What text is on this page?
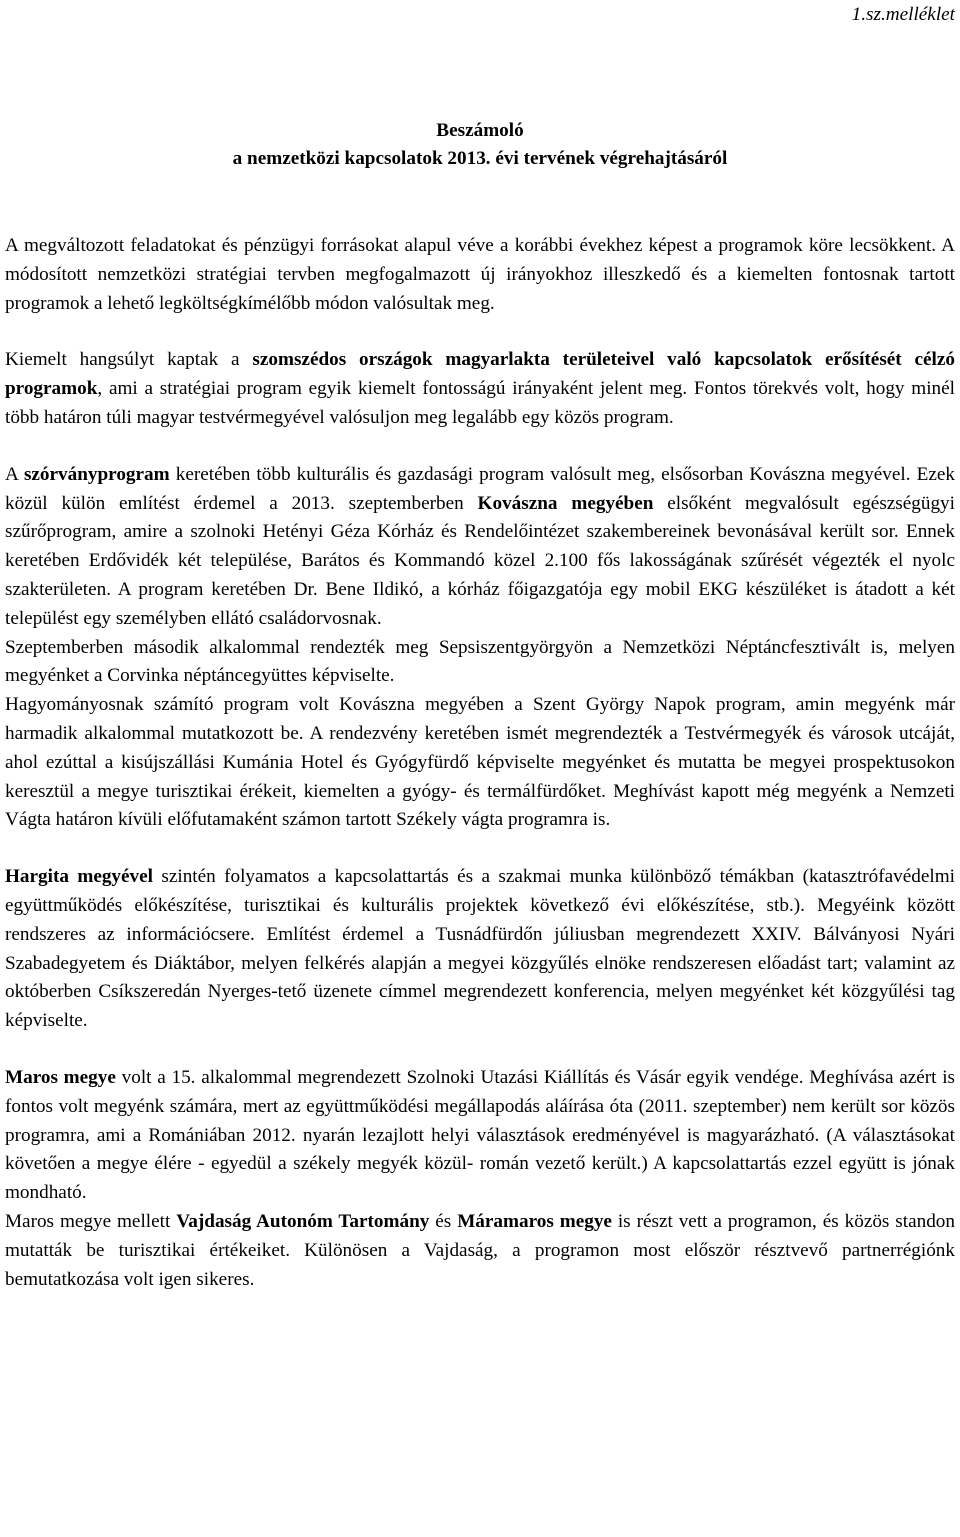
1.sz.melléklet
Beszámoló
a nemzetközi kapcsolatok 2013. évi tervének végrehajtásáról

A megváltozott feladatokat és pénzügyi forrásokat alapul véve a korábbi évekhez képest a programok köre lecsökkent. A módosított nemzetközi stratégiai tervben megfogalmazott új irányokhoz illeszkedő és a kiemelten fontosnak tartott programok a lehető legköltségkímélőbb módon valósultak meg.

Kiemelt hangsúlyt kaptak a szomszédos országok magyarlakta területeivel való kapcsolatok erősítését célzó programok, ami a stratégiai program egyik kiemelt fontosságú irányaként jelent meg. Fontos törekvés volt, hogy minél több határon túli magyar testvérmegyével valósuljon meg legalább egy közös program.

A szórványprogram keretében több kulturális és gazdasági program valósult meg, elsősorban Kovászna megyével. Ezek közül külön említést érdemel a 2013. szeptemberben Kovászna megyében elsőként megvalósult egészségügyi szűrőprogram, amire a szolnoki Hetényi Géza Kórház és Rendelőintézet szakembereinek bevonásával került sor. Ennek keretében Erdővidék két települése, Barátos és Kommandó közel 2.100 fős lakosságának szűrését végezték el nyolc szakterületen. A program keretében Dr. Bene Ildikó, a kórház főigazgatója egy mobil EKG készüléket is átadott a két települést egy személyben ellátó családorvosnak.

Szeptemberben második alkalommal rendezték meg Sepsiszentgyörgyön a Nemzetközi Néptáncfesztivált is, melyen megyénket a Corvinka néptáncegyüttes képviselte.

Hagyományosnak számító program volt Kovászna megyében a Szent György Napok program, amin megyénk már harmadik alkalommal mutatkozott be. A rendezvény keretében ismét megrendezték a Testvérmegyék és városok utcáját, ahol ezúttal a kisújszállási Kumánia Hotel és Gyógyfürdő képviselte megyénket és mutatta be megyei prospektusokon keresztül a megye turisztikai érékeit, kiemelten a gyógy- és termálfürdőket. Meghívást kapott még megyénk a Nemzeti Vágta határon kívüli előfutamaként számon tartott Székely vágta programra is.

Hargita megyével szintén folyamatos a kapcsolattartás és a szakmai munka különböző témákban (katasztrófavédelmi együttműködés előkészítése, turisztikai és kulturális projektek következő évi előkészítése, stb.). Megyéink között rendszeres az információcsere. Említést érdemel a Tusnádfürdőn júliusban megrendezett XXIV. Bálványosi Nyári Szabadegyetem és Diáktábor, melyen felkérés alapján a megyei közgyűlés elnöke rendszeresen előadást tart; valamint az októberben Csíkszeredán Nyerges-tető üzenete címmel megrendezett konferencia, melyen megyénket két közgyűlési tag képviselte.

Maros megye volt a 15. alkalommal megrendezett Szolnoki Utazási Kiállítás és Vásár egyik vendége. Meghívása azért is fontos volt megyénk számára, mert az együttműködési megállapodás aláírása óta (2011. szeptember) nem került sor közös programra, ami a Romániában 2012. nyarán lezajlott helyi választások eredményével is magyarázható. (A választásokat követően a megye élére - egyedül a székely megyék közül- román vezető került.) A kapcsolattartás ezzel együtt is jónak mondható.

Maros megye mellett Vajdaság Autonóm Tartomány és Máramaros megye is részt vett a programon, és közös standon mutatták be turisztikai értékeiket. Különösen a Vajdaság, a programon most először résztvevő partnerrégiónk bemutatkozása volt igen sikeres.
